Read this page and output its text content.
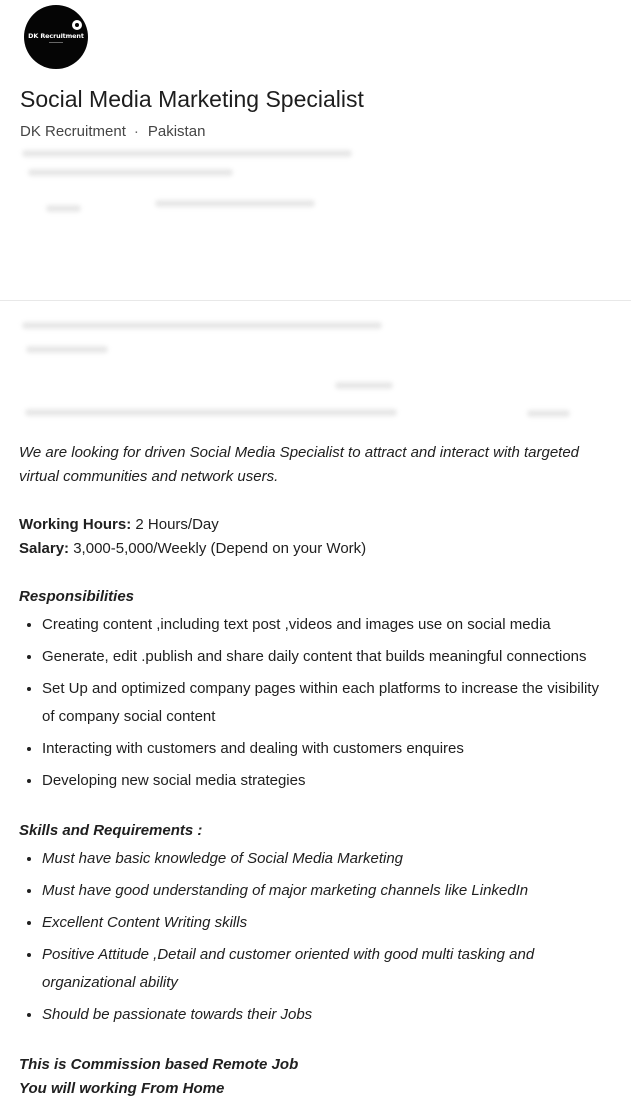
DK Recruitment
Social Media Marketing Specialist
DK Recruitment · Pakistan

We are looking for driven Social Media Specialist to attract and interact with targeted virtual communities and network users.

Working Hours: 2 Hours/Day

Salary: 3,000-5,000/Weekly (Depend on your Work)

Responsibilities

• Creating content ,including text post ,videos and images use on social media
• Generate, edit .publish and share daily content that builds meaningful connections
• Set Up and optimized company pages within each platforms to increase the visibility of company social content
• Interacting with customers and dealing with customers enquires
• Developing new social media strategies

Skills and Requirements :

• Must have basic knowledge of Social Media Marketing
• Must have good understanding of major marketing channels like LinkedIn
• Excellent Content Writing skills
• Positive Attitude ,Detail and customer oriented with good multi tasking and organizational ability
• Should be passionate towards their Jobs

This is Commission based Remote Job

You will working From Home
